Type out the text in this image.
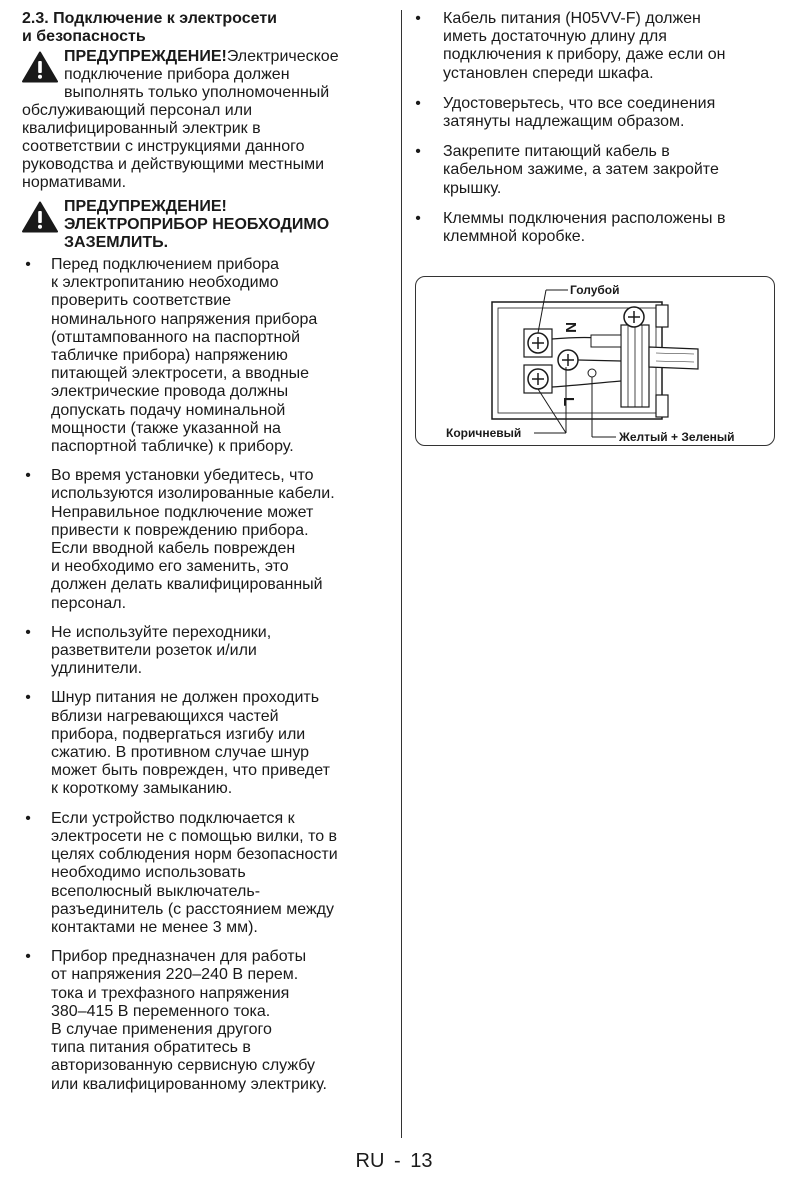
2.3. Подключение к электросети
и безопасность

ПРЕДУПРЕЖДЕНИЕ!Электрическое

подключение прибора должен

выполнять только уполномоченный

обслуживающий персонал или

квалифицированный электрик в

соответствии с инструкциями данного

руководства и действующими местными

нормативами.

ПРЕДУПРЕЖДЕНИЕ!

ЭЛЕКТРОПРИБОР НЕОБХОДИМО

ЗАЗЕМЛИТЬ.

• Перед подключением прибора
к электропитанию необходимо
проверить соответствие
номинального напряжения прибора
(отштампованного на паспортной
табличке прибора) напряжению
питающей электросети, а вводные
электрические провода должны
допускать подачу номинальной
мощности (также указанной на
паспортной табличке) к прибору.
• Во время установки убедитесь, что
используются изолированные кабели.
Неправильное подключение может
привести к повреждению прибора.
Если вводной кабель поврежден
и необходимо его заменить, это
должен делать квалифицированный
персонал.
• Не используйте переходники,
разветвители розеток и/или
удлинители.
• Шнур питания не должен проходить
вблизи нагревающихся частей
прибора, подвергаться изгибу или
сжатию. В противном случае шнур
может быть поврежден, что приведет
к короткому замыканию.
• Если устройство подключается к
электросети не с помощью вилки, то в
целях соблюдения норм безопасности
необходимо использовать
всеполюсный выключатель-
разъединитель (с расстоянием между
контактами не менее 3 мм).
• Прибор предназначен для работы
от напряжения 220–240 В перем.
тока и трехфазного напряжения
380–415 В переменного тока.
В случае применения другого
типа питания обратитесь в
авторизованную сервисную службу
или квалифицированному электрику.
• Кабель питания (H05VV-F) должен
иметь достаточную длину для
подключения к прибору, даже если он
установлен спереди шкафа.
• Удостоверьтесь, что все соединения
затянуты надлежащим образом.
• Закрепите питающий кабель в
кабельном зажиме, а затем закройте
крышку.
• Клеммы подключения расположены в
клеммной коробке.
N
L
Голубой
Коричневый	Желтый + Зеленый
RU - 13
